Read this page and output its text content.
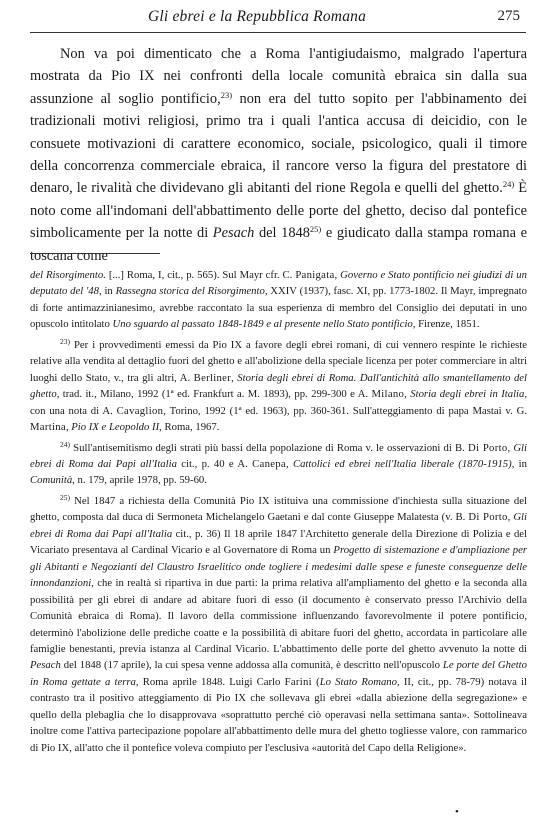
Gli ebrei e la Repubblica Romana	275

Non va poi dimenticato che a Roma l'antigiudaismo, malgrado l'apertura mostrata da Pio IX nei confronti della locale comunità ebraica sin dalla sua assunzione al soglio pontificio,$^{23)}$ non era del tutto sopito per l'abbinamento dei tradizionali motivi religiosi, primo tra i quali l'antica accusa di deicidio, con le consuete motivazioni di carattere economico, sociale, psicologico, quali il timore della concorrenza commerciale ebraica, il rancore verso la figura del prestatore di denaro, le rivalità che dividevano gli abitanti del rione Regola e quelli del ghetto.$^{24)}$ È noto come all'indomani dell'abbattimento delle porte del ghetto, deciso dal pontefice simbolicamente per la notte di Pesach del 1848$^{25)}$ e giudicato dalla stampa romana e toscana come

del Risorgimento. [...] Roma, I, cit., p. 565). Sul Mayr cfr. C. Panigata, Governo e Stato pontificio nei giudizi di un deputato del '48, in Rassegna storica del Risorgimento, XXIV (1937), fasc. XI, pp. 1773-1802. Il Mayr, impregnato di forte antimazzinianesimo, avrebbe raccontato la sua esperienza di membro del Consiglio dei deputati in uno opuscolo intitolato Uno sguardo al passato 1848-1849 e al presente nello Stato pontificio, Firenze, 1851.

$^{23)}$ Per i provvedimenti emessi da Pio IX a favore degli ebrei romani, di cui vennero respinte le richieste relative alla vendita al dettaglio fuori del ghetto e all'abolizione della speciale licenza per poter commerciare in altri luoghi dello Stato, v., tra gli altri, A. Berliner, Storia degli ebrei di Roma. Dall'antichità allo smantellamento del ghetto, trad. it., Milano, 1992 (1ª ed. Frankfurt a. M. 1893), pp. 299-300 e A. Milano, Storia degli ebrei in Italia, con una nota di A. Cavaglion, Torino, 1992 (1ª ed. 1963), pp. 360-361. Sull'atteggiamento di papa Mastai v. G. Martina, Pio IX e Leopoldo II, Roma, 1967.

$^{24)}$ Sull'antisemitismo degli strati più bassi della popolazione di Roma v. le osservazioni di B. Di Porto, Gli ebrei di Roma dai Papi all'Italia cit., p. 40 e A. Canepa, Cattolici ed ebrei nell'Italia liberale (1870-1915), in Comunità, n. 179, aprile 1978, pp. 59-60.

$^{25)}$ Nel 1847 a richiesta della Comunità Pio IX istituiva una commissione d'inchiesta sulla situazione del ghetto, composta dal duca di Sermoneta Michelangelo Gaetani e dal conte Giuseppe Malatesta (v. B. Di Porto, Gli ebrei di Roma dai Papi all'Italia cit., p. 36) Il 18 aprile 1847 l'Architetto generale della Direzione di Polizia e del Vicariato presentava al Cardinal Vicario e al Governatore di Roma un Progetto di sistemazione e d'ampliazione per gli Abitanti e Negozianti del Claustro Israelitico onde togliere i medesimi dalle spese e funeste conseguenze delle innondanzioni, che in realtà si ripartiva in due parti: la prima relativa all'ampliamento del ghetto e la seconda alla possibilità per gli ebrei di andare ad abitare fuori di esso (il documento è conservato presso l'Archivio della Comunità ebraica di Roma). Il lavoro della commissione influenzando favorevolmente il potere pontificio, determinò l'abolizione delle prediche coatte e la possibilità di abitare fuori del ghetto, accordata in particolare alle famiglie benestanti, previa istanza al Cardinal Vicario. L'abbattimento delle porte del ghetto avvenuto la notte di Pesach del 1848 (17 aprile), la cui spesa venne addossa alla comunità, è descritto nell'opuscolo Le porte del Ghetto in Roma gettate a terra, Roma aprile 1848. Luigi Carlo Farini (Lo Stato Romano, II, cit., pp. 78-79) notava il contrasto tra il positivo atteggiamento di Pio IX che sollevava gli ebrei «dalla abiezione della segregazione» e quello della plebaglia che lo disapprovava «soprattutto perché ciò operavasi nella settimana santa». Sottolineava inoltre come l'attiva partecipazione popolare all'abbattimento delle mura del ghetto togliesse valore, con rammarico di Pio IX, all'atto che il pontefice voleva compiuto per l'esclusiva «autorità del Capo della Religione».

•
